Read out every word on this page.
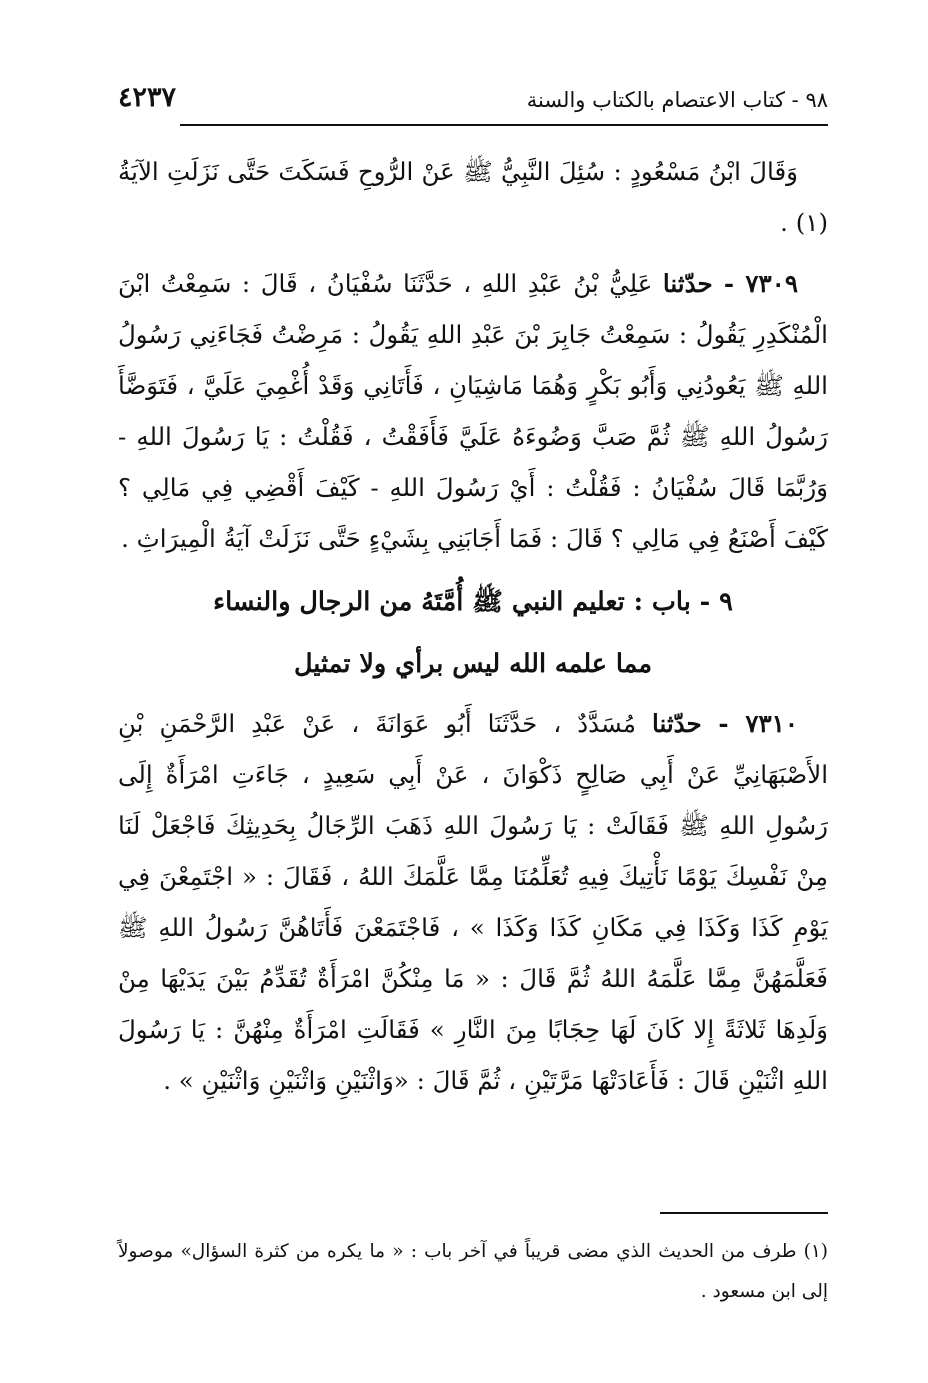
٤٢٣٧	٩٨ - كتاب الاعتصام بالكتاب والسنة

وَقَالَ ابْنُ مَسْعُودٍ : سُئِلَ النَّبِيُّ ﷺ عَنْ الرُّوحِ فَسَكَتَ حَتَّى نَزَلَتِ الآيَةُ (١) .

٧٣٠٩ - حدّثنا عَلِيُّ بْنُ عَبْدِ اللهِ ، حَدَّثَنَا سُفْيَانُ ، قَالَ : سَمِعْتُ ابْنَ الْمُنْكَدِرِ يَقُولُ : سَمِعْتُ جَابِرَ بْنَ عَبْدِ اللهِ يَقُولُ : مَرِضْتُ فَجَاءَنِي رَسُولُ اللهِ ﷺ يَعُودُنِي وَأَبُو بَكْرٍ وَهُمَا مَاشِيَانِ ، فَأَتَانِي وَقَدْ أُغْمِيَ عَلَيَّ ، فَتَوَضَّأَ رَسُولُ اللهِ ﷺ ثُمَّ صَبَّ وَضُوءَهُ عَلَيَّ فَأَفَقْتُ ، فَقُلْتُ : يَا رَسُولَ اللهِ - وَرُبَّمَا قَالَ سُفْيَانُ : فَقُلْتُ : أَيْ رَسُولَ اللهِ - كَيْفَ أَقْضِي فِي مَالِي ؟ كَيْفَ أَصْنَعُ فِي مَالِي ؟ قَالَ : فَمَا أَجَابَنِي بِشَيْءٍ حَتَّى نَزَلَتْ آيَةُ الْمِيرَاثِ .

٩ - باب : تعليم النبي ﷺ أُمَّتَهُ من الرجال والنساء
مما علمه الله ليس برأي ولا تمثيل

٧٣١٠ - حدّثنا مُسَدَّدٌ ، حَدَّثَنَا أَبُو عَوَانَةَ ، عَنْ عَبْدِ الرَّحْمَنِ بْنِ الأَصْبَهَانِيِّ عَنْ أَبِي صَالِحٍ ذَكْوَانَ ، عَنْ أَبِي سَعِيدٍ ، جَاءَتِ امْرَأَةٌ إِلَى رَسُولِ اللهِ ﷺ فَقَالَتْ : يَا رَسُولَ اللهِ ذَهَبَ الرِّجَالُ بِحَدِيثِكَ فَاجْعَلْ لَنَا مِنْ نَفْسِكَ يَوْمًا نَأْتِيكَ فِيهِ تُعَلِّمُنَا مِمَّا عَلَّمَكَ اللهُ ، فَقَالَ : « اجْتَمِعْنَ فِي يَوْمِ كَذَا وَكَذَا فِي مَكَانِ كَذَا وَكَذَا » ، فَاجْتَمَعْنَ فَأَتَاهُنَّ رَسُولُ اللهِ ﷺ فَعَلَّمَهُنَّ مِمَّا عَلَّمَهُ اللهُ ثُمَّ قَالَ : « مَا مِنْكُنَّ امْرَأَةٌ تُقَدِّمُ بَيْنَ يَدَيْهَا مِنْ وَلَدِهَا ثَلاثَةً إِلا كَانَ لَهَا حِجَابًا مِنَ النَّارِ » فَقَالَتِ امْرَأَةٌ مِنْهُنَّ : يَا رَسُولَ اللهِ اثْنَيْنِ قَالَ : فَأَعَادَتْهَا مَرَّتَيْنِ ، ثُمَّ قَالَ : «وَاثْنَيْنِ وَاثْنَيْنِ وَاثْنَيْنِ » .

(١) طرف من الحديث الذي مضى قريباً في آخر باب : « ما يكره من كثرة السؤال» موصولاً إلى ابن مسعود .
